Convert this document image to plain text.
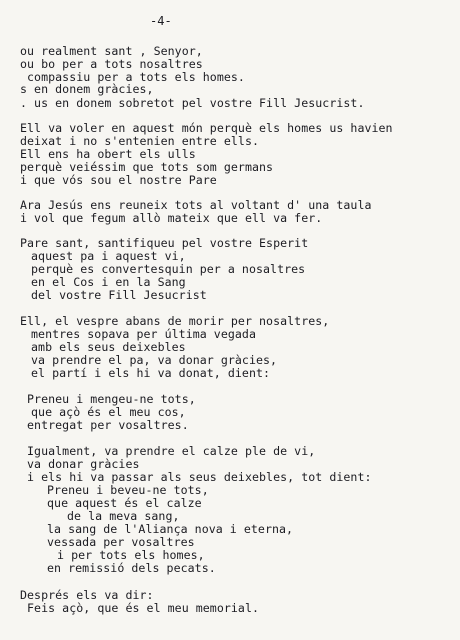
-4-
ou realment sant , Senyor,
ou bo per a tots nosaltres
compassiu per a tots els homes.
s en donem gràcies,
. us en donem sobretot pel vostre Fill Jesucrist.
Ell va voler en aquest món perquè els homes us havien
deixat i no s'entenien entre ells.
Ell ens ha obert els ulls
perquè veiéssim que tots som germans
i que vós sou el nostre Pare
Ara Jesús ens reuneix tots al voltant d' una taula
i vol que fegum allò mateix que ell va fer.
Pare sant, santifiqueu pel vostre Esperit
aquest pa i aquest vi,
perquè es convertesquin per a nosaltres
en el Cos i en la Sang
del vostre Fill Jesucrist
Ell, el vespre abans de morir per nosaltres,
mentres sopava per última vegada
amb els seus deixebles
va prendre el pa, va donar gràcies,
el partí i els hi va donat, dient:
Preneu i mengeu-ne tots,
que açò és el meu cos,
entregat per vosaltres.
Igualment, va prendre el calze ple de vi,
va donar gràcies
i els hi va passar als seus deixebles, tot dient:
Preneu i beveu-ne tots,
que aquest és el calze
de la meva sang,
la sang de l'Aliança nova i eterna,
vessada per vosaltres
i per tots els homes,
en remissió dels pecats.
Després els va dir:
Feis açò, que és el meu memorial.
